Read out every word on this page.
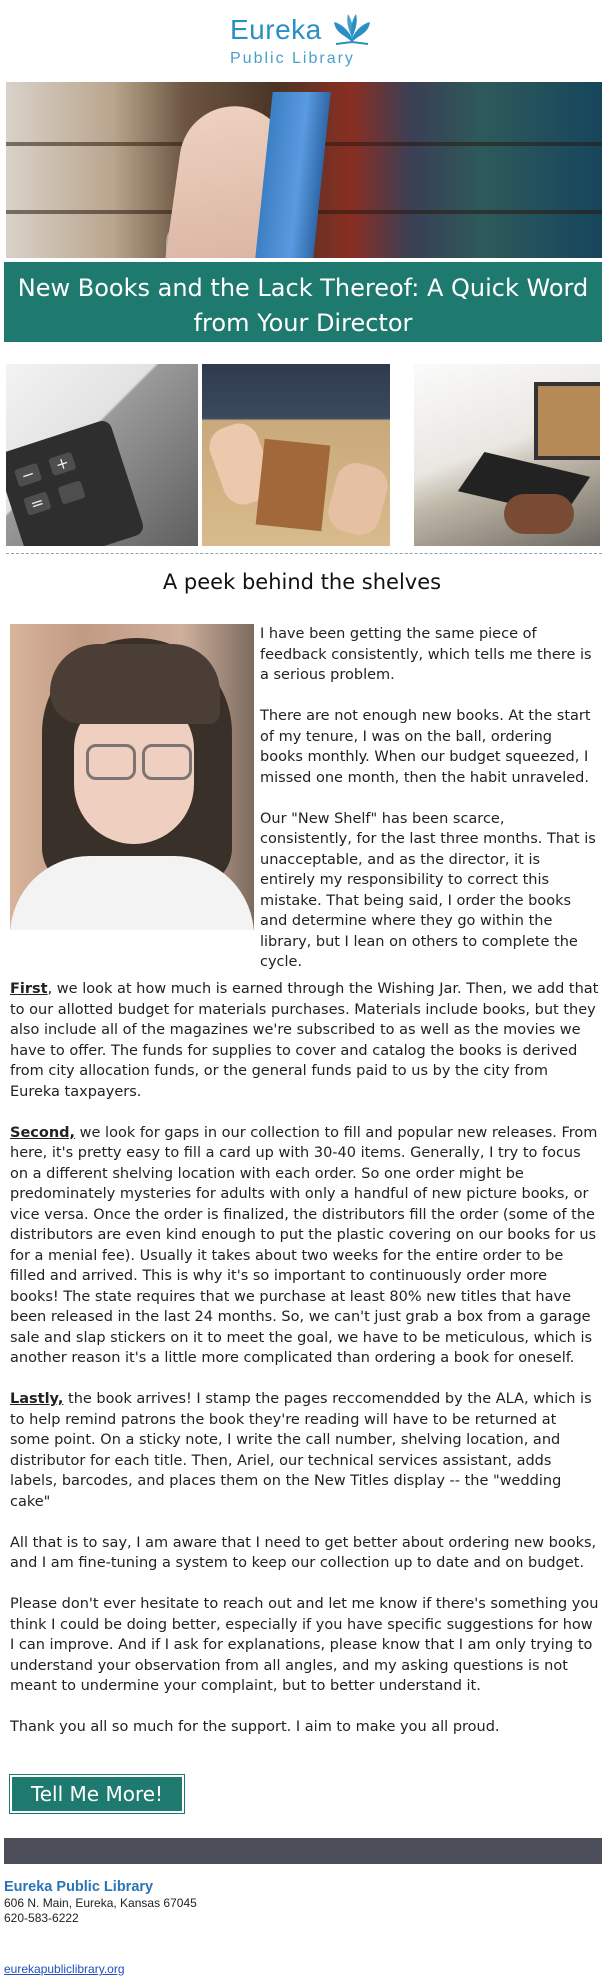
Eureka
Public Library
New Books and the Lack Thereof: A Quick Word from Your Director
−
+
=
A peek behind the shelves

I have been getting the same piece of feedback consistently, which tells me there is a serious problem.

There are not enough new books. At the start of my tenure, I was on the ball, ordering books monthly. When our budget squeezed, I missed one month, then the habit unraveled.

Our "New Shelf" has been scarce, consistently, for the last three months. That is unacceptable, and as the director, it is entirely my responsibility to correct this mistake. That being said, I order the books and determine where they go within the library, but I lean on others to complete the cycle.

First, we look at how much is earned through the Wishing Jar. Then, we add that to our allotted budget for materials purchases. Materials include books, but they also include all of the magazines we're subscribed to as well as the movies we have to offer. The funds for supplies to cover and catalog the books is derived from city allocation funds, or the general funds paid to us by the city from Eureka taxpayers.

Second, we look for gaps in our collection to fill and popular new releases. From here, it's pretty easy to fill a card up with 30-40 items. Generally, I try to focus on a different shelving location with each order. So one order might be predominately mysteries for adults with only a handful of new picture books, or vice versa. Once the order is finalized, the distributors fill the order (some of the distributors are even kind enough to put the plastic covering on our books for us for a menial fee). Usually it takes about two weeks for the entire order to be filled and arrived. This is why it's so important to continuously order more books! The state requires that we purchase at least 80% new titles that have been released in the last 24 months. So, we can't just grab a box from a garage sale and slap stickers on it to meet the goal, we have to be meticulous, which is another reason it's a little more complicated than ordering a book for oneself.

Lastly, the book arrives! I stamp the pages reccomendded by the ALA, which is to help remind patrons the book they're reading will have to be returned at some point. On a sticky note, I write the call number, shelving location, and distributor for each title. Then, Ariel, our technical services assistant, adds labels, barcodes, and places them on the New Titles display -- the "wedding cake"

All that is to say, I am aware that I need to get better about ordering new books, and I am fine-tuning a system to keep our collection up to date and on budget.

Please don't ever hesitate to reach out and let me know if there's something you think I could be doing better, especially if you have specific suggestions for how I can improve. And if I ask for explanations, please know that I am only trying to understand your observation from all angles, and my asking questions is not meant to undermine your complaint, but to better understand it.

Thank you all so much for the support. I aim to make you all proud.

Tell Me More!
Eureka Public Library
606 N. Main, Eureka, Kansas 67045
620-583-6222
eurekapubliclibrary.org
